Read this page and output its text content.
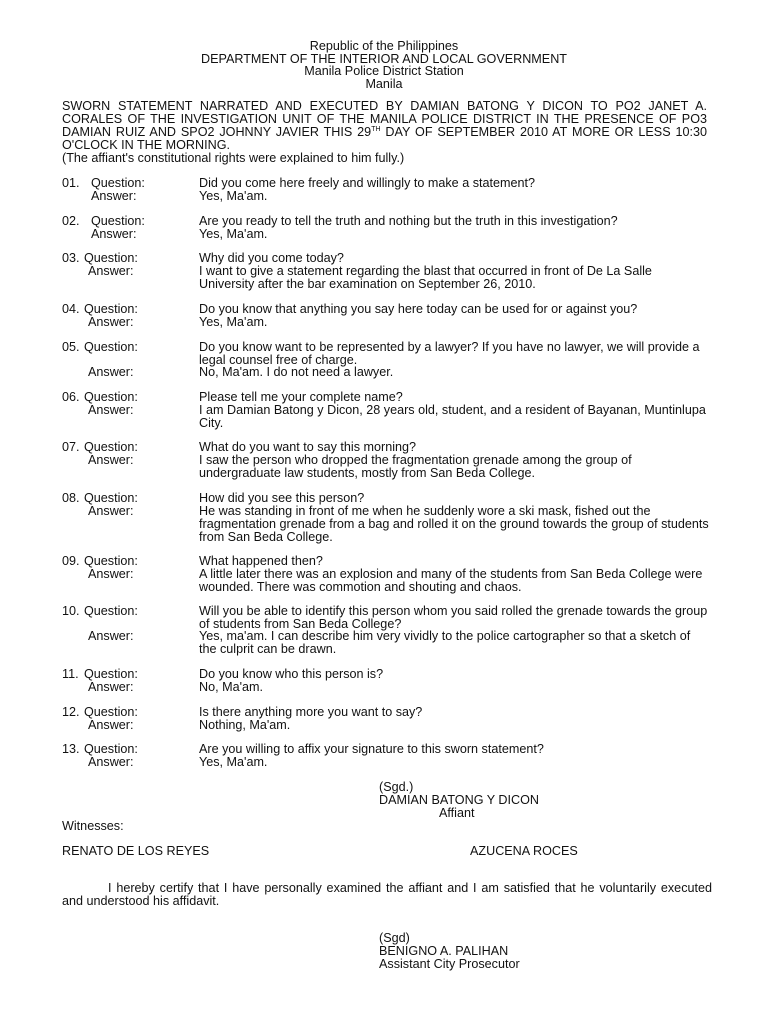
Republic of the Philippines
DEPARTMENT OF THE INTERIOR AND LOCAL GOVERNMENT
Manila Police District Station
Manila
SWORN STATEMENT NARRATED AND EXECUTED BY DAMIAN BATONG Y DICON TO PO2 JANET A.
CORALES OF THE INVESTIGATION UNIT OF THE MANILA POLICE DISTRICT IN THE PRESENCE OF PO3
DAMIAN RUIZ AND SPO2 JOHNNY JAVIER THIS 29TH DAY OF SEPTEMBER 2010 AT MORE OR LESS 10:30
O'CLOCK IN THE MORNING.
(The affiant's constitutional rights were explained to him fully.)
01. Question:	Did you come here freely and willingly to make a statement?
Answer:	Yes, Ma'am.
02. Question:	Are you ready to tell the truth and nothing but the truth in this investigation?
Answer:	Yes, Ma'am.
03. Question:	Why did you come today?
Answer:	I want to give a statement regarding the blast that occurred in front of De La Salle University after the bar examination on September 26, 2010.
04. Question:	Do you know that anything you say here today can be used for or against you?
Answer:	Yes, Ma'am.
05. Question:	Do you know want to be represented by a lawyer? If you have no lawyer, we will provide a legal counsel free of charge.
Answer:	No, Ma'am. I do not need a lawyer.
06. Question:	Please tell me your complete name?
Answer:	I am Damian Batong y Dicon, 28 years old, student, and a resident of Bayanan, Muntinlupa City.
07. Question:	What do you want to say this morning?
Answer:	I saw the person who dropped the fragmentation grenade among the group of undergraduate law students, mostly from San Beda College.
08. Question:	How did you see this person?
Answer:	He was standing in front of me when he suddenly wore a ski mask, fished out the fragmentation grenade from a bag and rolled it on the ground towards the group of students from San Beda College.
09. Question:	What happened then?
Answer:	A little later there was an explosion and many of the students from San Beda College were wounded. There was commotion and shouting and chaos.
10. Question:	Will you be able to identify this person whom you said rolled the grenade towards the group of students from San Beda College?
Answer:	Yes, ma'am. I can describe him very vividly to the police cartographer so that a sketch of the culprit can be drawn.
11. Question:	Do you know who this person is?
Answer:	No, Ma'am.
12. Question:	Is there anything more you want to say?
Answer:	Nothing, Ma'am.
13. Question:	Are you willing to affix your signature to this sworn statement?
Answer:	Yes, Ma'am.
(Sgd.)
DAMIAN BATONG Y DICON
Affiant
Witnesses:
RENATO DE LOS REYES	AZUCENA ROCES
I hereby certify that I have personally examined the affiant and I am satisfied that he voluntarily executed and understood his affidavit.
(Sgd)
BENIGNO A. PALIHAN
Assistant City Prosecutor
